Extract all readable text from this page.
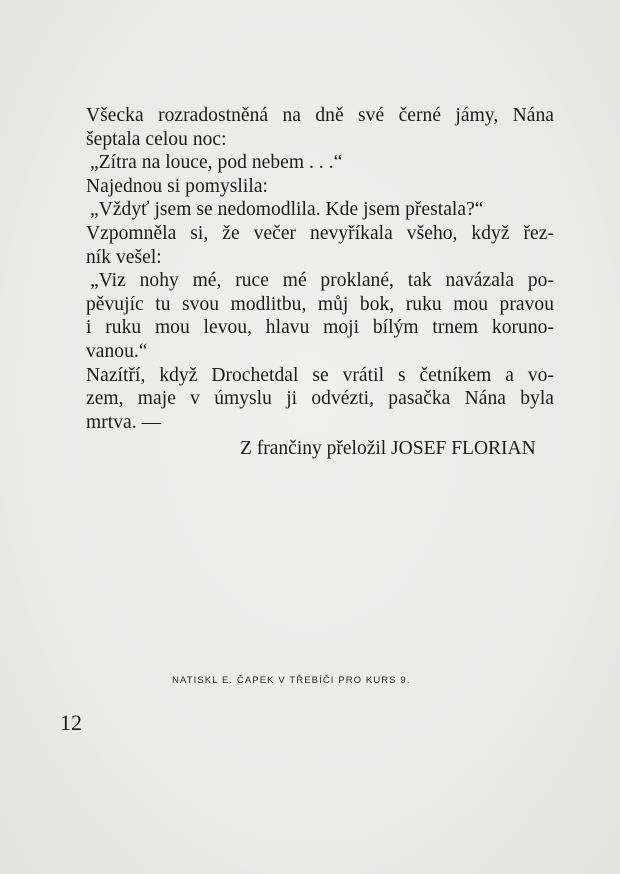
Všecka rozradostněná na dně své černé jámy, Nána
šeptala celou noc:
„Zítra na louce, pod nebem . . .“
Najednou si pomyslila:
„Vždyť jsem se nedomodlila. Kde jsem přestala?“
Vzpomněla si, že večer nevyříkala všeho, když řez-
ník vešel:
„Viz nohy mé, ruce mé proklané, tak navázala po-
pěvujíc tu svou modlitbu, můj bok, ruku mou pravou
i ruku mou levou, hlavu moji bílým trnem koruno-
vanou.“
Nazítří, když Drochetdal se vrátil s četníkem a vo-
zem, maje v úmyslu ji odvézti, pasačka Nána byla
mrtva. —
Z frančiny přeložil JOSEF FLORIAN
NATISKL E. ČAPEK V TŘEBÍČI PRO KURS 9.
12
